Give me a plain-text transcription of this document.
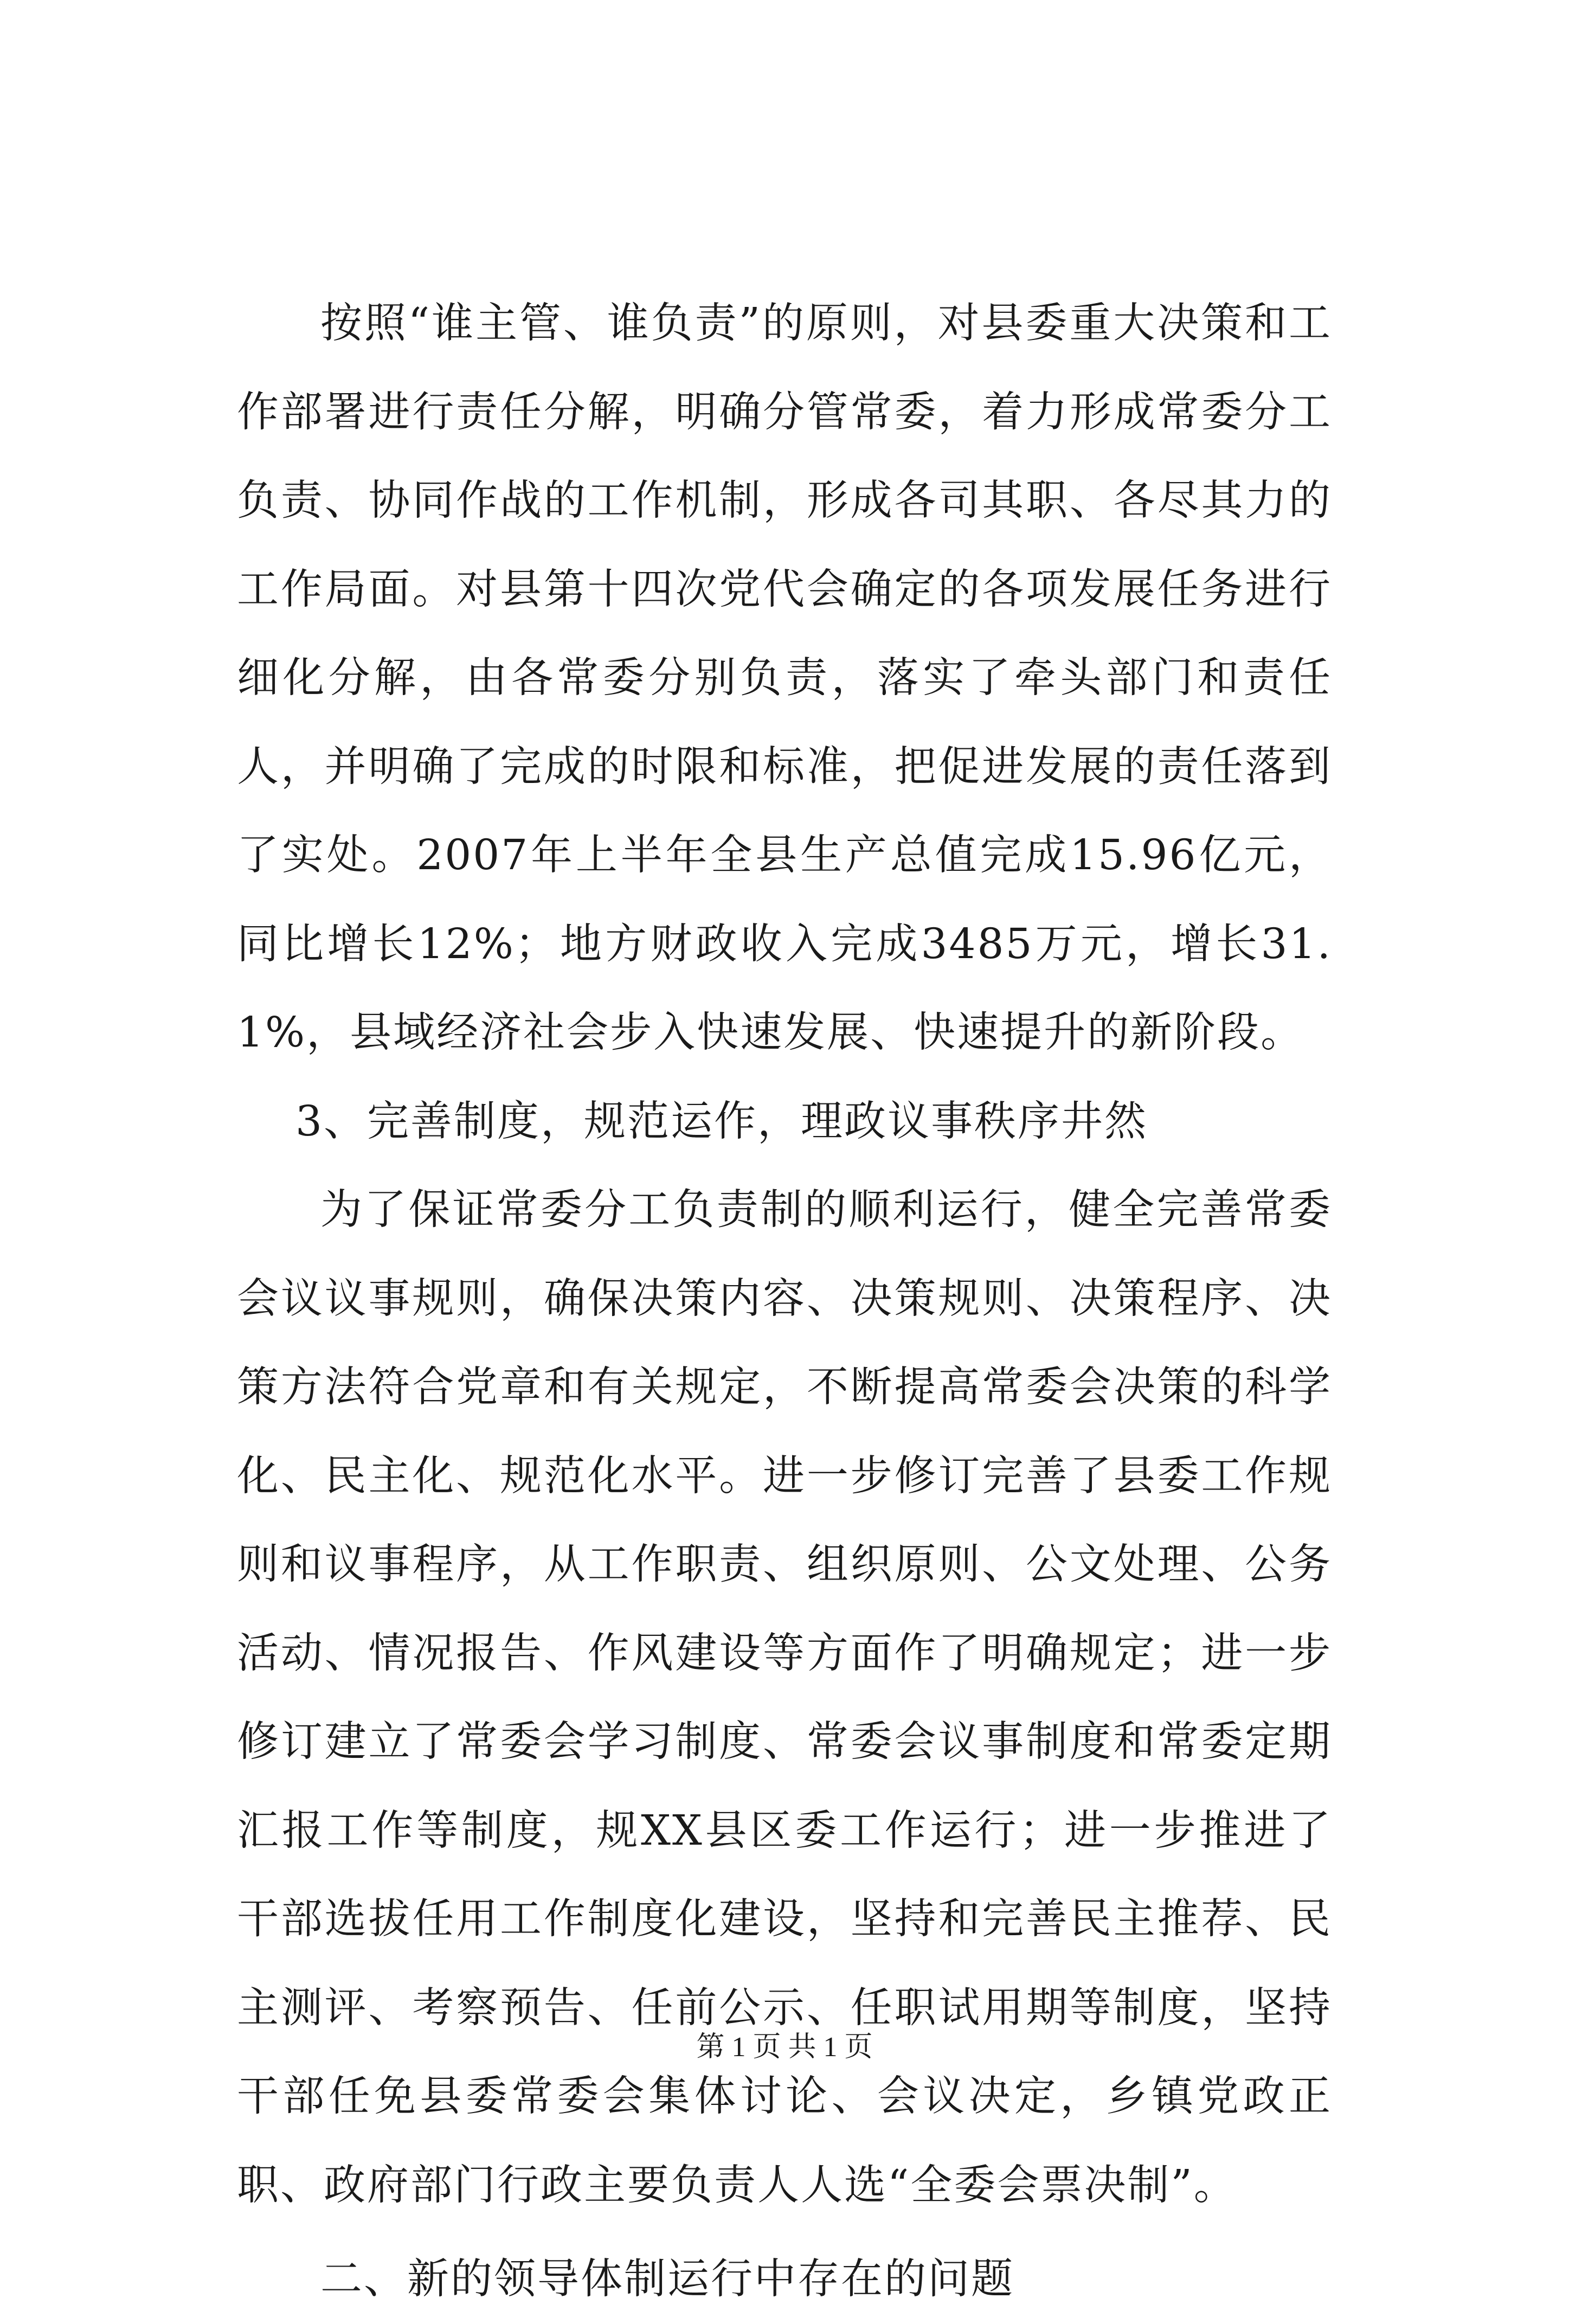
按照“谁主管、谁负责”的原则，对县委重大决策和工作部署进行责任分解，明确分管常委，着力形成常委分工负责、协同作战的工作机制，形成各司其职、各尽其力的工作局面。对县第十四次党代会确定的各项发展任务进行细化分解，由各常委分别负责，落实了牵头部门和责任人，并明确了完成的时限和标准，把促进发展的责任落到了实处。2007年上半年全县生产总值完成15.96亿元，同比增长12%；地方财政收入完成3485万元，增长31.1%，县域经济社会步入快速发展、快速提升的新阶段。

3、完善制度，规范运作，理政议事秩序井然

为了保证常委分工负责制的顺利运行，健全完善常委会议议事规则，确保决策内容、决策规则、决策程序、决策方法符合党章和有关规定，不断提高常委会决策的科学化、民主化、规范化水平。进一步修订完善了县委工作规则和议事程序，从工作职责、组织原则、公文处理、公务活动、情况报告、作风建设等方面作了明确规定；进一步修订建立了常委会学习制度、常委会议事制度和常委定期汇报工作等制度，规XX县区委工作运行；进一步推进了干部选拔任用工作制度化建设，坚持和完善民主推荐、民主测评、考察预告、任前公示、任职试用期等制度，坚持干部任免县委常委会集体讨论、会议决定，乡镇党政正职、政府部门行政主要负责人人选“全委会票决制”。

二、新的领导体制运行中存在的问题

第 1 页 共 1 页
